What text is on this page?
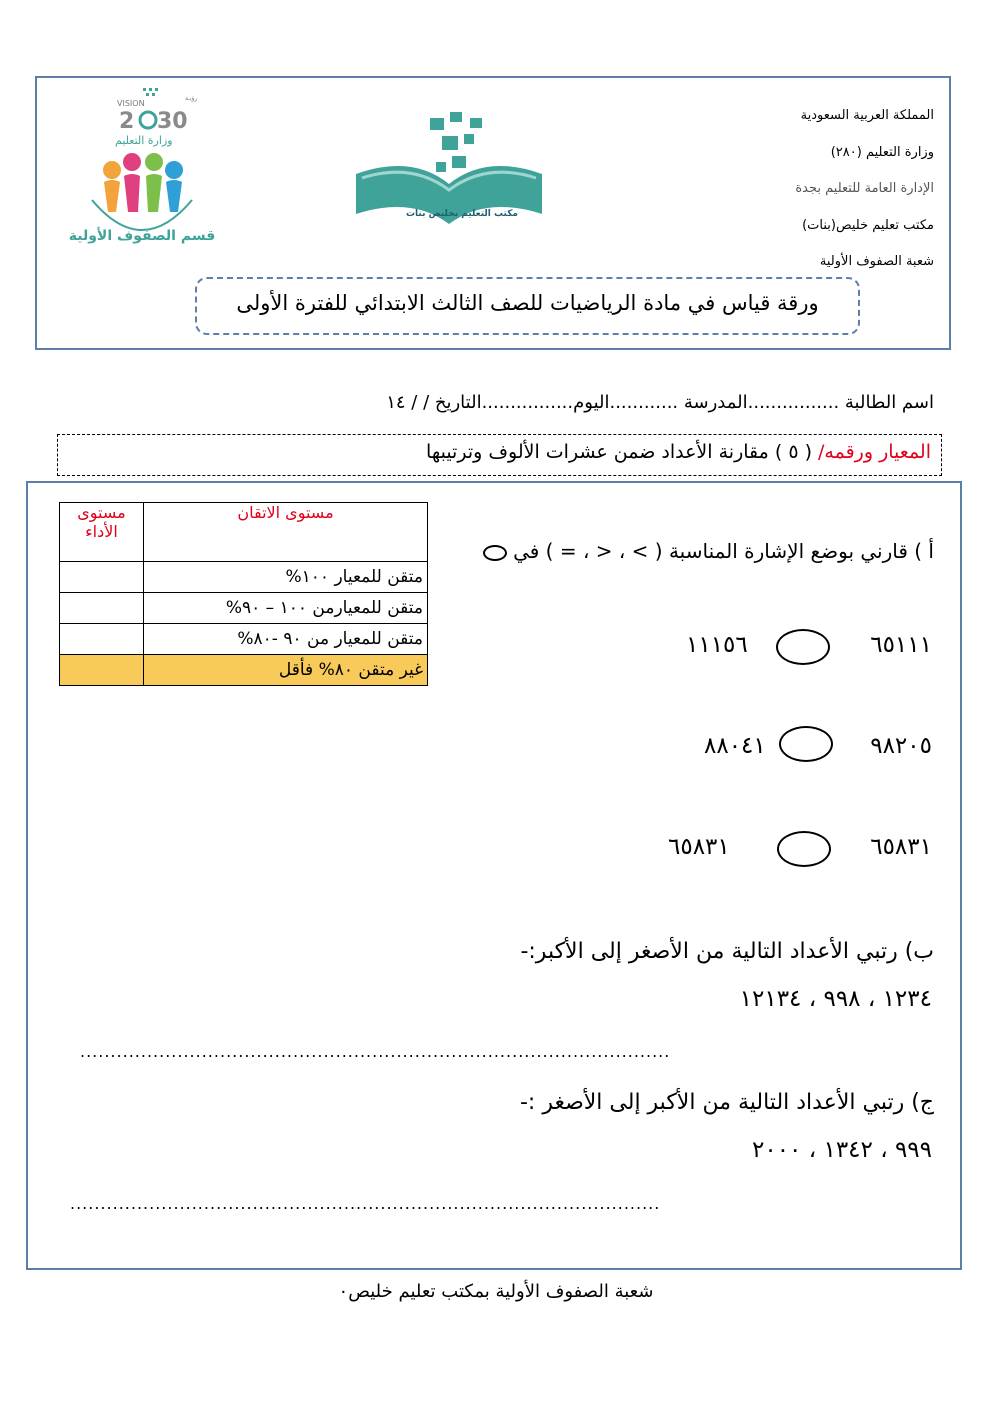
المملكة العربية السعودية
وزارة التعليم (٢٨٠)
الإدارة العامة للتعليم بجدة
مكتب تعليم خليص(بنات)
شعبة الصفوف الأولية
VISION
2 30
وزارة التعليم
رؤيـة
قسم الصفوف الأولية
مكتب التعليم بخليص بنات
ورقة قياس في مادة الرياضيات للصف الثالث الابتدائي للفترة الأولى
اسم الطالبة ................المدرسة ............اليوم................التاريخ / / ١٤
المعيار ورقمه/ ( ٥ ) مقارنة الأعداد ضمن عشرات الألوف وترتيبها
مستوى الاتقان	مستوى الأداء
متقن للمعيار ١٠٠%	
متقن للمعيارمن ١٠٠ – ٩٠%	
متقن للمعيار من ٩٠ -٨٠%	
غير متقن ٨٠% فأقل	
أ ) قارني بوضع الإشارة المناسبة ( > ، < ، = ) في
٦٥١١١
١١١٥٦
٩٨٢٠٥
٨٨٠٤١
٦٥٨٣١
٦٥٨٣١
ب) رتبي الأعداد التالية من الأصغر إلى الأكبر:-
١٢٣٤ ، ٩٩٨ ، ١٢١٣٤
.................................................................................................
ج) رتبي الأعداد التالية من الأكبر إلى الأصغر :-
٩٩٩ ، ١٣٤٢ ، ٢٠٠٠
.................................................................................................
شعبة الصفوف الأولية بمكتب تعليم خليص٠
